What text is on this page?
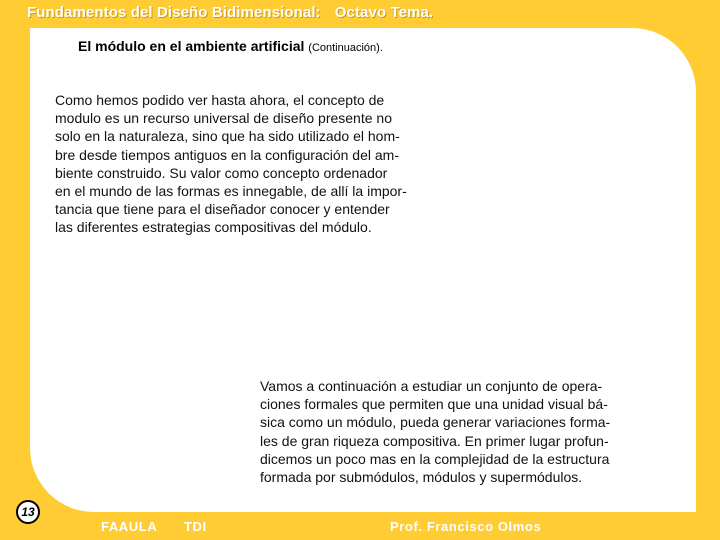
Fundamentos del Diseño Bidimensional: Octavo Tema.
El módulo en el ambiente artificial (Continuación).
Como hemos podido ver hasta ahora, el concepto de
modulo es un recurso universal de diseño presente no
solo en la naturaleza, sino que ha sido utilizado el hom-
bre desde tiempos antiguos en la configuración del am-
biente construido. Su valor como concepto ordenador
en el mundo de las formas es innegable, de allí la impor-
tancia que tiene para el diseñador conocer y entender
las diferentes estrategias compositivas del módulo.
Vamos a continuación a estudiar un conjunto de opera-
ciones formales que permiten que una unidad visual bá-
sica como un módulo, pueda generar variaciones forma-
les de gran riqueza compositiva. En primer lugar profun-
dicemos un poco mas en la complejidad de la estructura
formada por submódulos, módulos y supermódulos.
13
FAAULA TDI	Prof. Francisco Olmos
